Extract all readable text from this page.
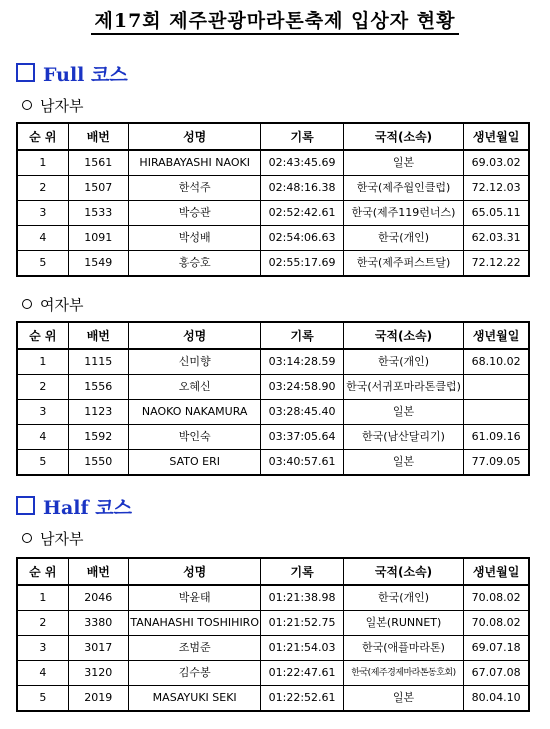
제17회 제주관광마라톤축제 입상자 현황
Full 코스
남자부
순 위	배번	성명	기록	국적(소속)	생년월일
1	1561	HIRABAYASHI NAOKI	02:43:45.69	일본	69.03.02
2	1507	한석주	02:48:16.38	한국(제주월인클럽)	72.12.03
3	1533	박승관	02:52:42.61	한국(제주119런너스)	65.05.11
4	1091	박성배	02:54:06.63	한국(개인)	62.03.31
5	1549	홍승호	02:55:17.69	한국(제주퍼스트달)	72.12.22
여자부
순 위	배번	성명	기록	국적(소속)	생년월일
1	1115	신미향	03:14:28.59	한국(개인)	68.10.02
2	1556	오혜신	03:24:58.90	한국(서귀포마라톤클럽)	
3	1123	NAOKO NAKAMURA	03:28:45.40	일본	
4	1592	박인숙	03:37:05.64	한국(남산달리기)	61.09.16
5	1550	SATO ERI	03:40:57.61	일본	77.09.05
Half 코스
남자부
순 위	배번	성명	기록	국적(소속)	생년월일
1	2046	박윤태	01:21:38.98	한국(개인)	70.08.02
2	3380	TANAHASHI TOSHIHIRO	01:21:52.75	일본(RUNNET)	70.08.02
3	3017	조범준	01:21:54.03	한국(애플마라톤)	69.07.18
4	3120	김수봉	01:22:47.61	한국(제주경제마라톤동호회)	67.07.08
5	2019	MASAYUKI SEKI	01:22:52.61	일본	80.04.10
